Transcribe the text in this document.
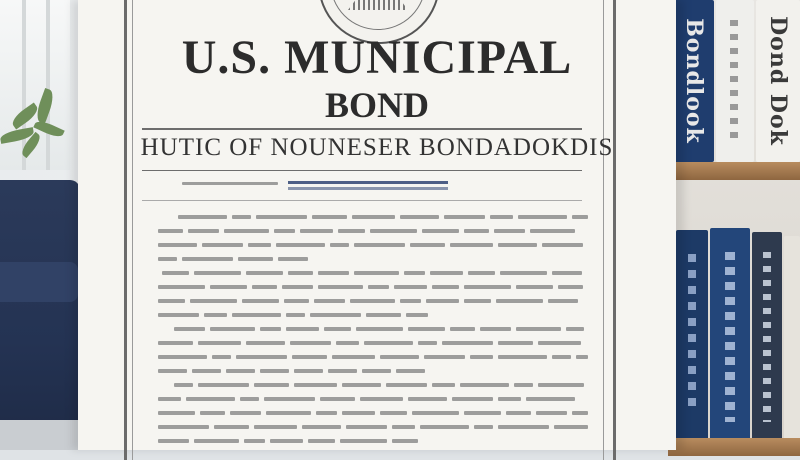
Bondlook	Dond Dok
U.S. MUNICIPAL
BOND
HUTIC OF NOUNESER BONDADOKDIS
